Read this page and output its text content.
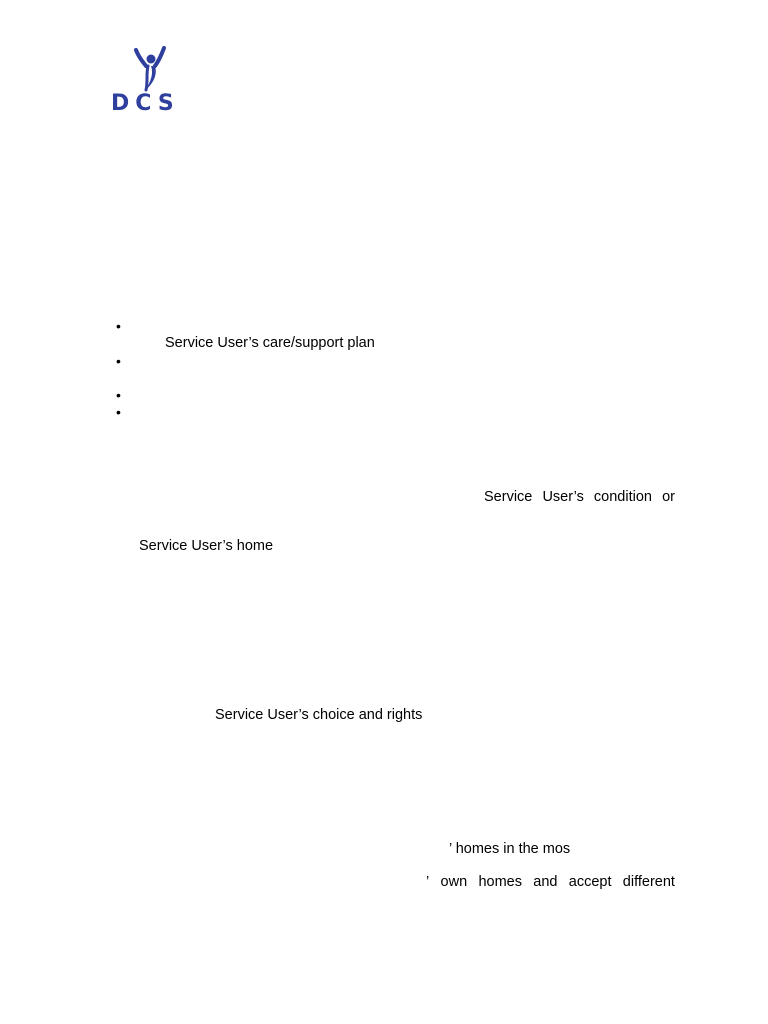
DCS
•
•
•
•
Service User’s care/support plan
Service User’s condition or
Service User’s home
Service User’s choice and rights
’ homes in the mos
’ own homes and accept different
